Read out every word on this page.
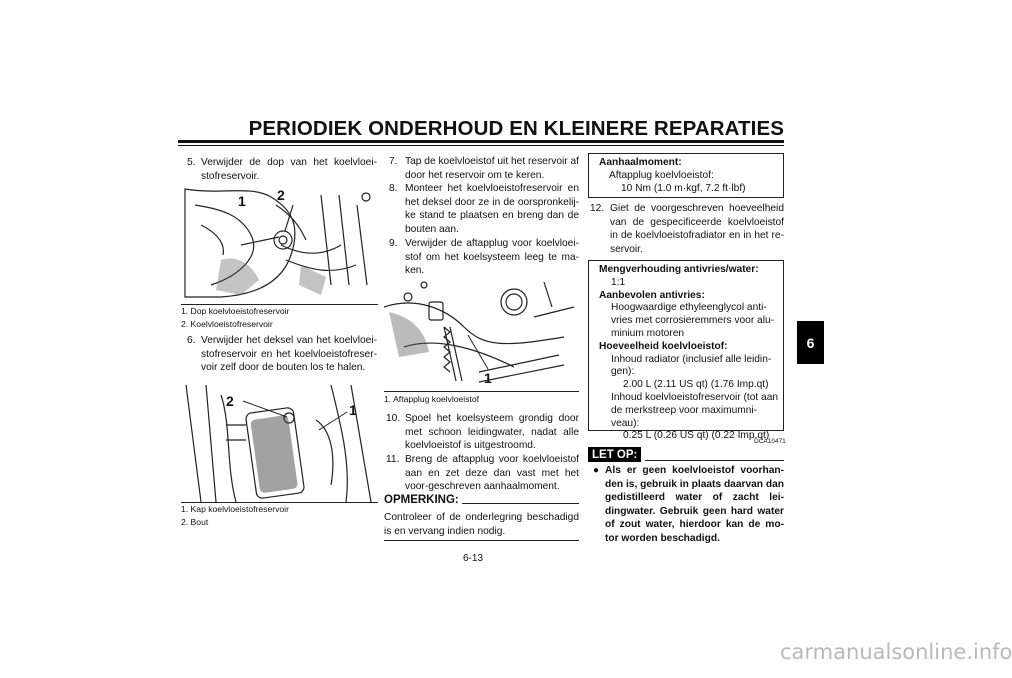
PERIODIEK ONDERHOUD EN KLEINERE REPARATIES
6
5. Verwijder de dop van het koelvloei-stofreservoir.
1 2
1. Dop koelvloeistofreservoir
2. Koelvloeistofreservoir
6. Verwijder het deksel van het koelvloei-stofreservoir en het koelvloeistofreser-voir zelf door de bouten los te halen.
2
1
1. Kap koelvloeistofreservoir
2. Bout
7. Tap de koelvloeistof uit het reservoir af door het reservoir om te keren.
8. Monteer het koelvloeistofreservoir en het deksel door ze in de oorspronkelij-ke stand te plaatsen en breng dan de bouten aan.
9. Verwijder de aftapplug voor koelvloei-stof om het koelsysteem leeg te ma-ken.
1
1. Aftapplug koelvloeistof
10. Spoel het koelsysteem grondig door met schoon leidingwater, nadat alle koelvloeistof is uitgestroomd.
11. Breng de aftapplug voor koelvloeistof aan en zet deze dan vast met het voor-geschreven aanhaalmoment.
OPMERKING:
Controleer of de onderlegring beschadigd is en vervang indien nodig.
Aanhaalmoment:
Aftapplug koelvloeistof:
10 Nm (1.0 m·kgf, 7.2 ft·lbf)
12. Giet de voorgeschreven hoeveelheid van de gespecificeerde koelvloeistof in de koelvloeistofradiator en in het re-servoir.
Mengverhouding antivries/water:
1:1
Aanbevolen antivries:
Hoogwaardige ethyleenglycol anti-vries met corrosieremmers voor alu-minium motoren
Hoeveelheid koelvloeistof:
Inhoud radiator (inclusief alle leidin-gen):
2.00 L (2.11 US qt) (1.76 Imp.qt)
Inhoud koelvloeistofreservoir (tot aan de merkstreep voor maximumni-veau):
0.25 L (0.26 US qt) (0.22 Imp.qt)
DCA10471
LET OP:
● Als er geen koelvloeistof voorhan-den is, gebruik in plaats daarvan dan gedistilleerd water of zacht lei-dingwater. Gebruik geen hard water of zout water, hierdoor kan de mo-tor worden beschadigd.
6-13
carmanualsonline.info
